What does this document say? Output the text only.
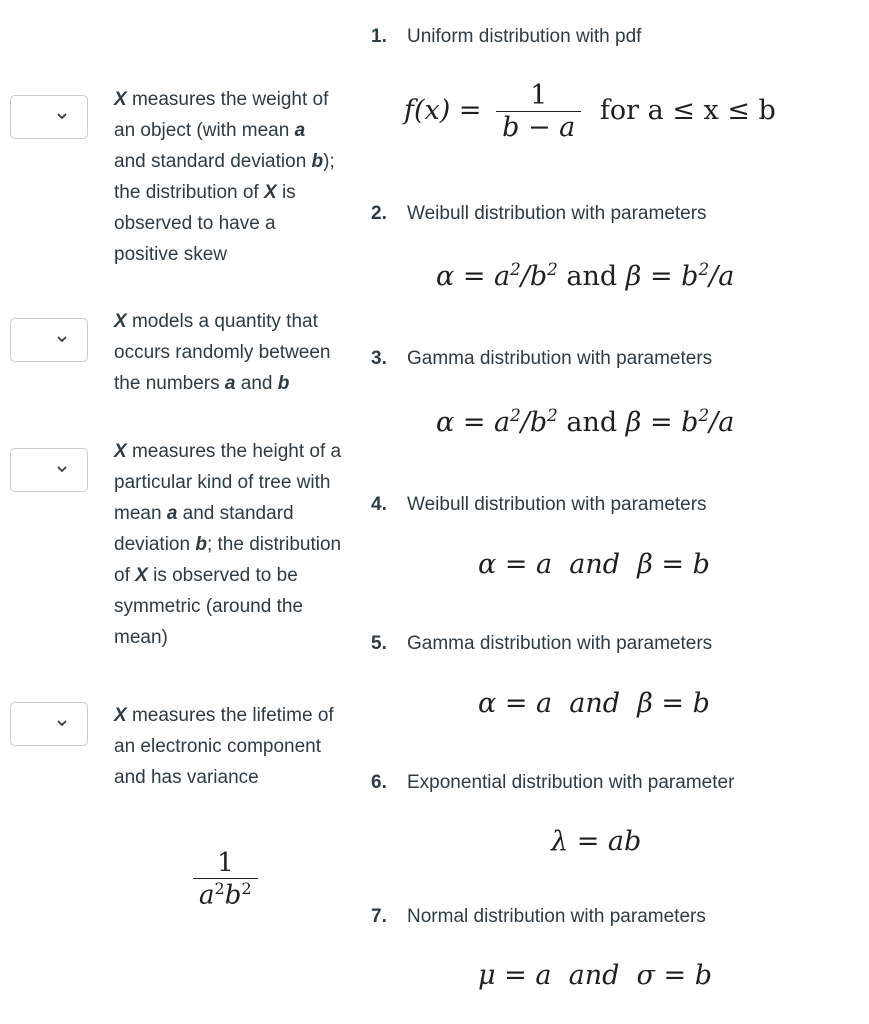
X measures the weight of an object (with mean a and standard deviation b); the distribution of X is observed to have a positive skew
X models a quantity that occurs randomly between the numbers a and b
X measures the height of a particular kind of tree with mean a and standard deviation b; the distribution of X is observed to be symmetric (around the mean)
X measures the lifetime of an electronic component and has variance
$\frac{1}{a^2b^2}$
1. Uniform distribution with pdf
$f(x) = \frac{1}{b - a}$ for a ≤ x ≤ b
2. Weibull distribution with parameters
$\alpha = a^2/b^2$ and $\beta = b^2/a$
3. Gamma distribution with parameters
$\alpha = a^2/b^2$ and $\beta = b^2/a$
4. Weibull distribution with parameters
α = a  and  β = b
5. Gamma distribution with parameters
α = a  and  β = b
6. Exponential distribution with parameter
λ = ab
7. Normal distribution with parameters
μ = a  and  σ = b
